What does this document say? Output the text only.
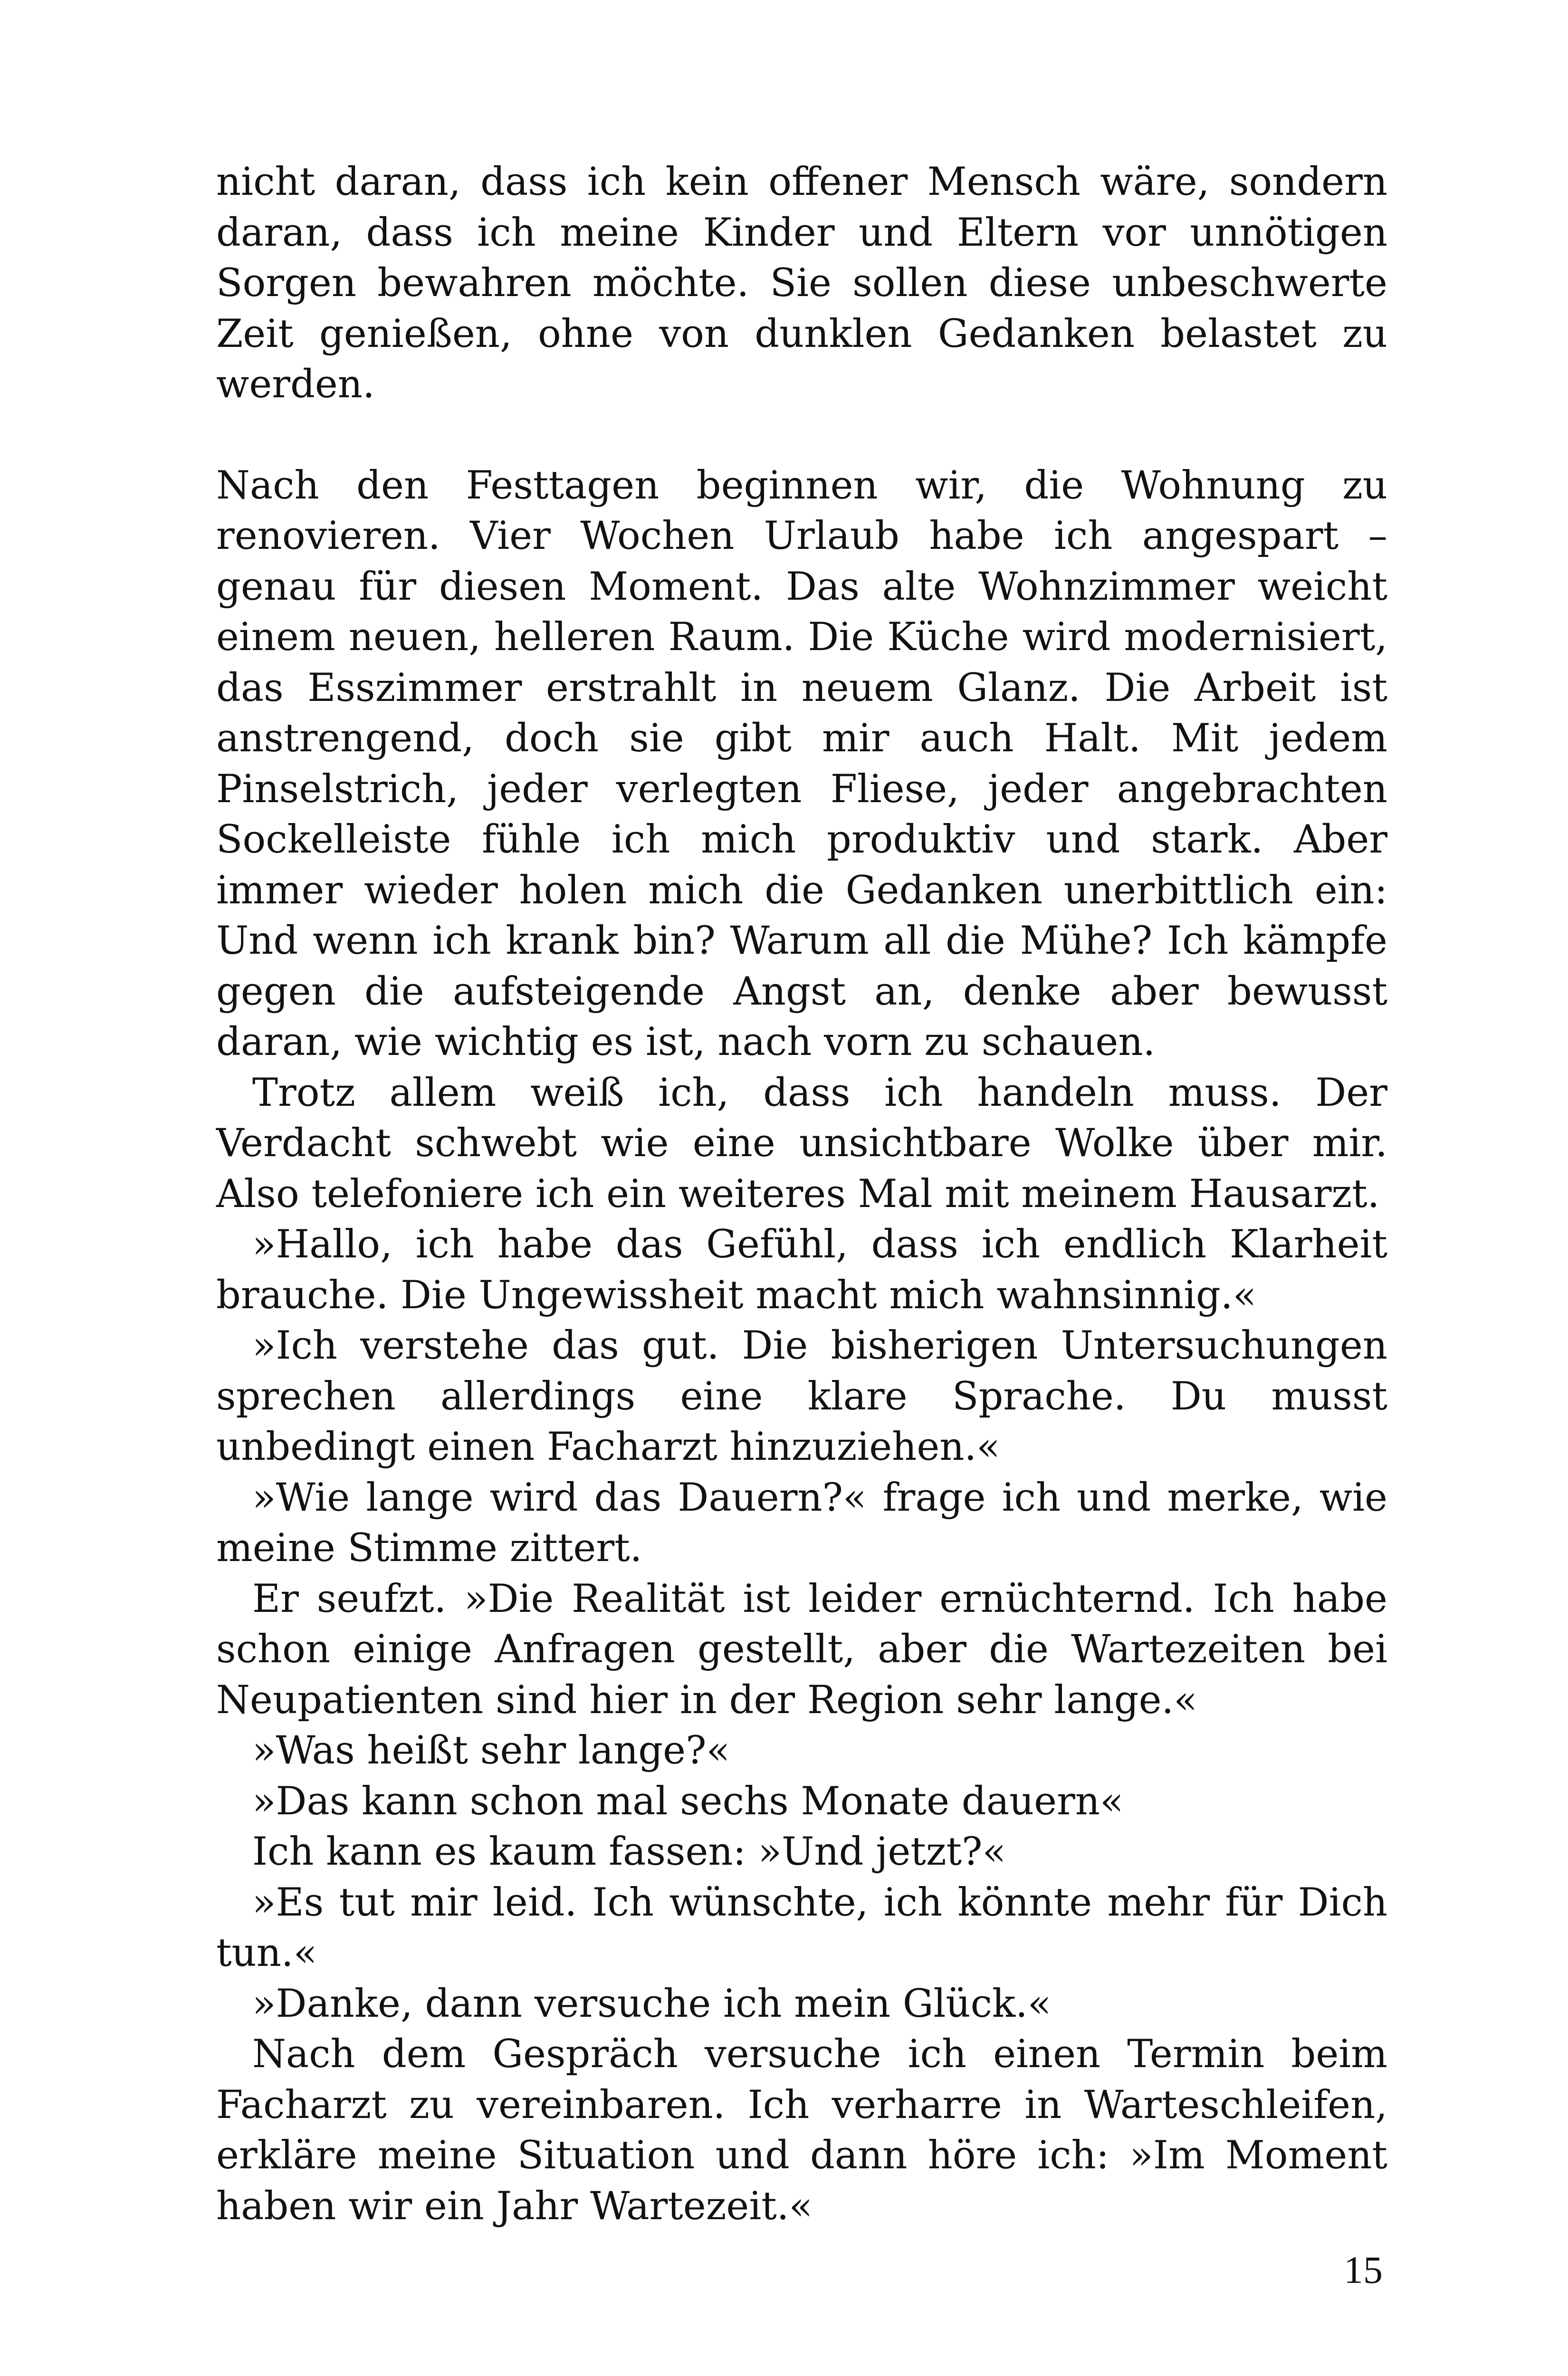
nicht daran, dass ich kein offener Mensch wäre, sondern daran, dass ich meine Kinder und Eltern vor unnötigen Sorgen bewahren möchte. Sie sollen diese unbeschwerte Zeit genießen, ohne von dunklen Gedanken belastet zu werden.

Nach den Festtagen beginnen wir, die Wohnung zu renovieren. Vier Wochen Urlaub habe ich angespart – genau für diesen Moment. Das alte Wohnzimmer weicht einem neuen, helleren Raum. Die Küche wird modernisiert, das Esszimmer erstrahlt in neuem Glanz. Die Arbeit ist anstrengend, doch sie gibt mir auch Halt. Mit jedem Pinselstrich, jeder verlegten Fliese, jeder angebrachten Sockelleiste fühle ich mich produktiv und stark. Aber immer wieder holen mich die Gedanken unerbittlich ein: Und wenn ich krank bin? Warum all die Mühe? Ich kämpfe gegen die aufsteigende Angst an, denke aber bewusst daran, wie wichtig es ist, nach vorn zu schauen.

Trotz allem weiß ich, dass ich handeln muss. Der Verdacht schwebt wie eine unsichtbare Wolke über mir. Also telefoniere ich ein weiteres Mal mit meinem Hausarzt.

»Hallo, ich habe das Gefühl, dass ich endlich Klarheit brauche. Die Ungewissheit macht mich wahnsinnig.«

»Ich verstehe das gut. Die bisherigen Untersuchungen sprechen allerdings eine klare Sprache. Du musst unbedingt einen Facharzt hinzuziehen.«

»Wie lange wird das Dauern?« frage ich und merke, wie meine Stimme zittert.

Er seufzt. »Die Realität ist leider ernüchternd. Ich habe schon einige Anfragen gestellt, aber die Wartezeiten bei Neupatienten sind hier in der Region sehr lange.«

»Was heißt sehr lange?«

»Das kann schon mal sechs Monate dauern«

Ich kann es kaum fassen: »Und jetzt?«

»Es tut mir leid. Ich wünschte, ich könnte mehr für Dich tun.«

»Danke, dann versuche ich mein Glück.«

Nach dem Gespräch versuche ich einen Termin beim Facharzt zu vereinbaren. Ich verharre in Warteschleifen, erkläre meine Situation und dann höre ich: »Im Moment haben wir ein Jahr Wartezeit.«

15
